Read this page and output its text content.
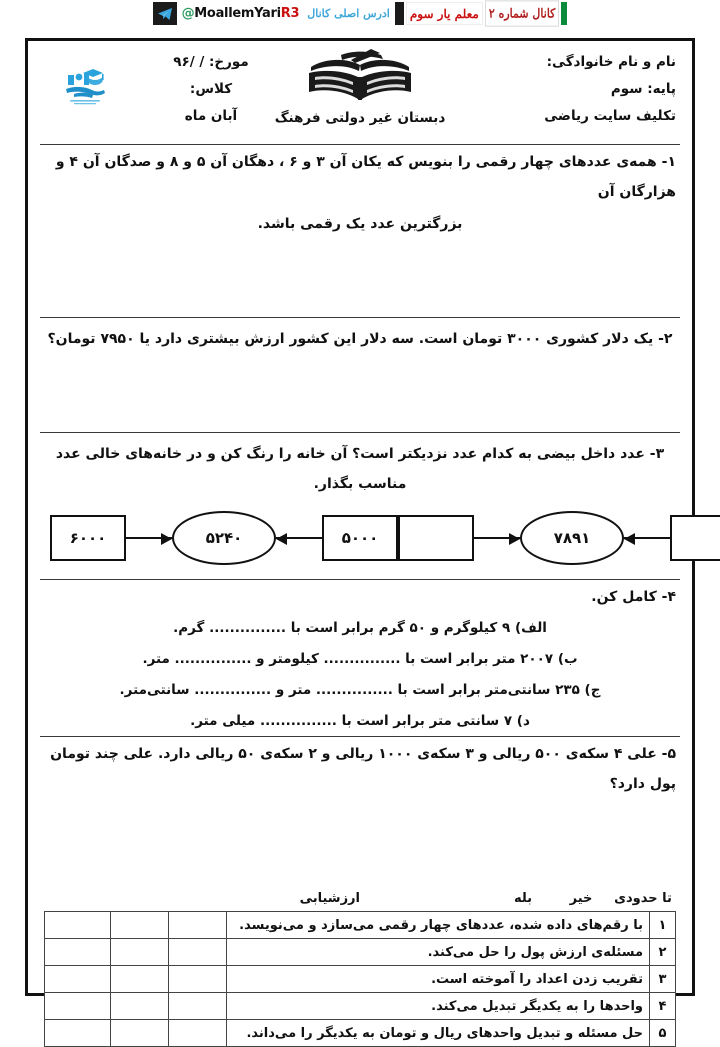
@ MoallemYari R3 ادرس اصلی کانال	معلم یار سوم کانال شماره ۲
نام و نام خانوادگی:
پایه: سوم
تکلیف سایت ریاضی
دبستان غیر دولتی فرهنگ
مورخ: / /۹۶
کلاس:
آبان ماه
۱- همه‌ی عددهای چهار رقمی را بنویس که یکان آن ۳ و ۶ ، دهگان آن ۵ و ۸ و صدگان آن ۴ و هزارگان آن
بزرگترین عدد یک رقمی باشد.
۲- یک دلار کشوری ۳۰۰۰ تومان است. سه دلار این کشور ارزش بیشتری دارد یا ۷۹۵۰ تومان؟
۳- عدد داخل بیضی به کدام عدد نزدیکتر است؟ آن خانه را رنگ کن و در خانه‌های خالی عدد مناسب بگذار.
۵۰۰۰
۵۲۴۰
۶۰۰۰	۷۸۹۱
۴- کامل کن.
الف) ۹ کیلوگرم و ۵۰ گرم برابر است با ............... گرم.
ب) ۲۰۰۷ متر برابر است با ............... کیلومتر و ............... متر.
ج) ۲۳۵ سانتی‌متر برابر است با ............... متر و ............... سانتی‌متر.
د) ۷ سانتی متر برابر است با ............... میلی متر.
۵- علی ۴ سکه‌ی ۵۰۰ ریالی و ۳ سکه‌ی ۱۰۰۰ ریالی و ۲ سکه‌ی ۵۰ ریالی دارد. علی چند تومان پول دارد؟
ارزشیابی	بله	خیر	تا حدودی
۱	با رقم‌های داده شده، عددهای چهار رقمی می‌سازد و می‌نویسد.			
۲	مسئله‌ی ارزش پول را حل می‌کند.			
۳	تقریب زدن اعداد را آموخته است.			
۴	واحدها را به یکدیگر تبدیل می‌کند.			
۵	حل مسئله و تبدیل واحدهای ریال و تومان به یکدیگر را می‌داند.			
